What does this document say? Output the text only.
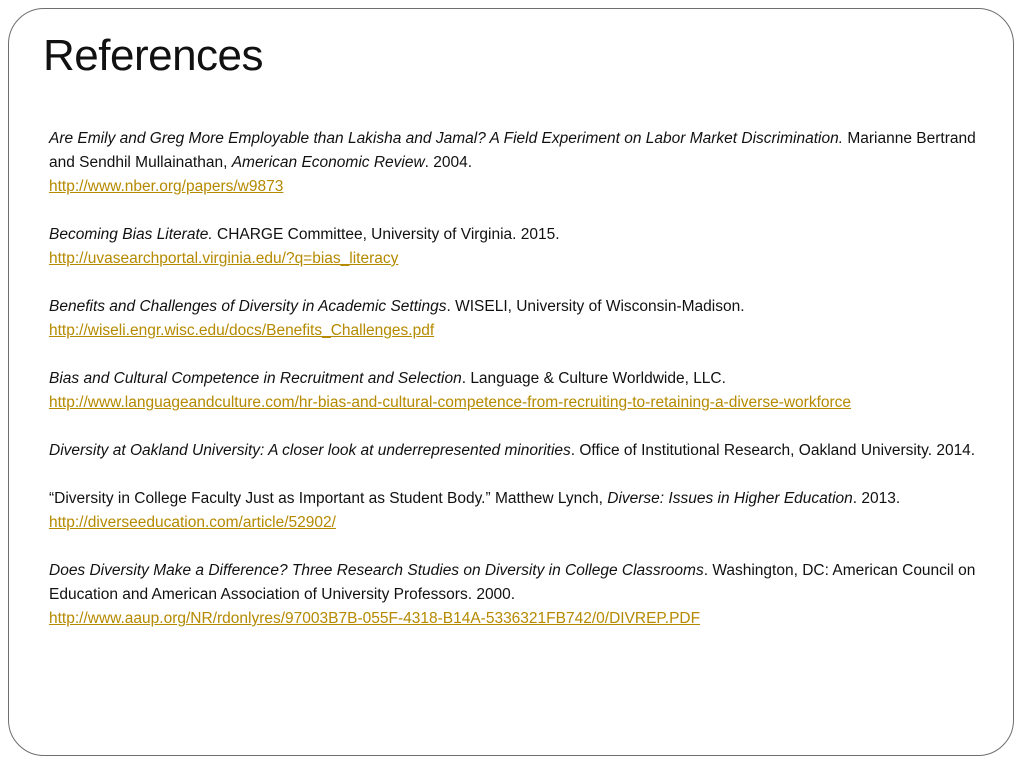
References

Are Emily and Greg More Employable than Lakisha and Jamal? A Field Experiment on Labor Market Discrimination. Marianne Bertrand and Sendhil Mullainathan, American Economic Review. 2004.
http://www.nber.org/papers/w9873

Becoming Bias Literate. CHARGE Committee, University of Virginia. 2015.
http://uvasearchportal.virginia.edu/?q=bias_literacy

Benefits and Challenges of Diversity in Academic Settings. WISELI, University of Wisconsin-Madison.
http://wiseli.engr.wisc.edu/docs/Benefits_Challenges.pdf

Bias and Cultural Competence in Recruitment and Selection. Language & Culture Worldwide, LLC.
http://www.languageandculture.com/hr-bias-and-cultural-competence-from-recruiting-to-retaining-a-diverse-workforce

Diversity at Oakland University: A closer look at underrepresented minorities. Office of Institutional Research, Oakland University. 2014.

“Diversity in College Faculty Just as Important as Student Body.” Matthew Lynch, Diverse: Issues in Higher Education. 2013. http://diverseeducation.com/article/52902/

Does Diversity Make a Difference? Three Research Studies on Diversity in College Classrooms. Washington, DC: American Council on Education and American Association of University Professors. 2000.
http://www.aaup.org/NR/rdonlyres/97003B7B-055F-4318-B14A-5336321FB742/0/DIVREP.PDF
